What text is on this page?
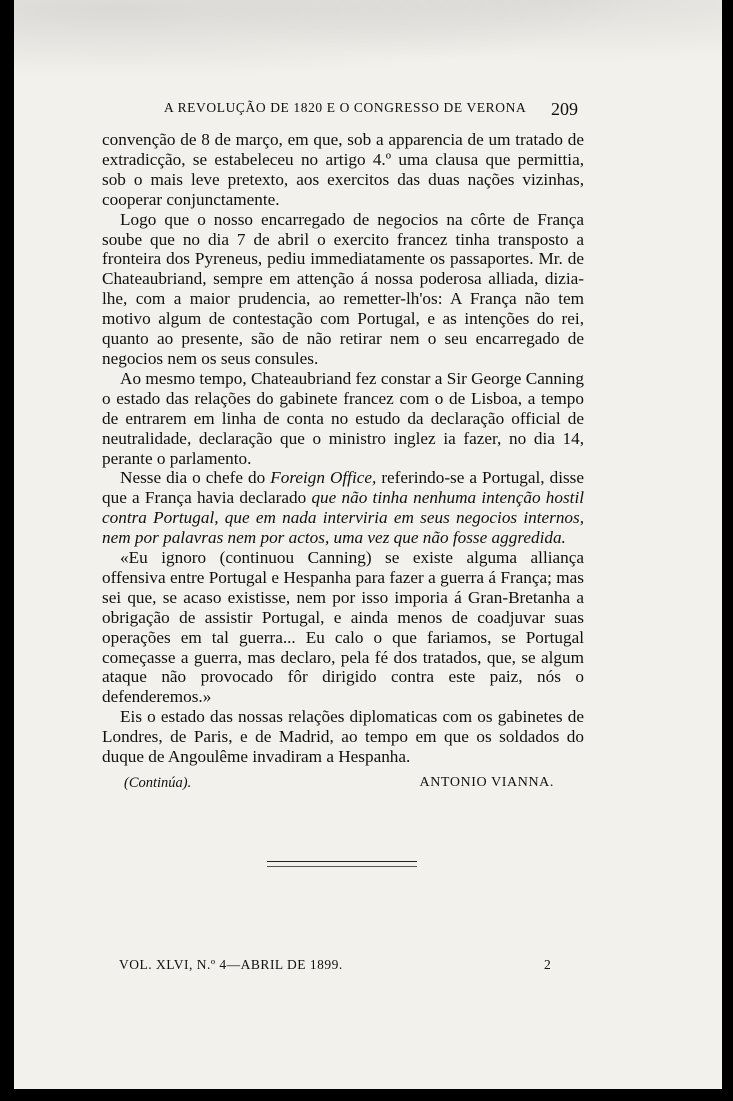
A REVOLUÇÃO DE 1820 E O CONGRESSO DE VERONA	209

convenção de 8 de março, em que, sob a apparencia de um tratado de extradicção, se estabeleceu no artigo 4.º uma clausa que permittia, sob o mais leve pretexto, aos exercitos das duas nações vizinhas, cooperar conjunctamente.

Logo que o nosso encarregado de negocios na côrte de França soube que no dia 7 de abril o exercito francez tinha transposto a fronteira dos Pyreneus, pediu immediatamente os passaportes. Mr. de Chateaubriand, sempre em attenção á nossa poderosa alliada, dizia-lhe, com a maior prudencia, ao remetter-lh'os: A França não tem motivo algum de contestação com Portugal, e as intenções do rei, quanto ao presente, são de não retirar nem o seu encarregado de negocios nem os seus consules.

Ao mesmo tempo, Chateaubriand fez constar a Sir George Canning o estado das relações do gabinete francez com o de Lisboa, a tempo de entrarem em linha de conta no estudo da declaração official de neutralidade, declaração que o ministro inglez ia fazer, no dia 14, perante o parlamento.

Nesse dia o chefe do Foreign Office, referindo-se a Portugal, disse que a França havia declarado que não tinha nenhuma intenção hostil contra Portugal, que em nada interviria em seus negocios internos, nem por palavras nem por actos, uma vez que não fosse aggredida.

«Eu ignoro (continuou Canning) se existe alguma alliança offensiva entre Portugal e Hespanha para fazer a guerra á França; mas sei que, se acaso existisse, nem por isso imporia á Gran-Bretanha a obrigação de assistir Portugal, e ainda menos de coadjuvar suas operações em tal guerra... Eu calo o que fariamos, se Portugal começasse a guerra, mas declaro, pela fé dos tratados, que, se algum ataque não provocado fôr dirigido contra este paiz, nós o defenderemos.»

Eis o estado das nossas relações diplomaticas com os gabinetes de Londres, de Paris, e de Madrid, ao tempo em que os soldados do duque de Angoulême invadiram a Hespanha.

(Continúa).	ANTONIO VIANNA.
VOL. XLVI, N.º 4—ABRIL DE 1899.	2
